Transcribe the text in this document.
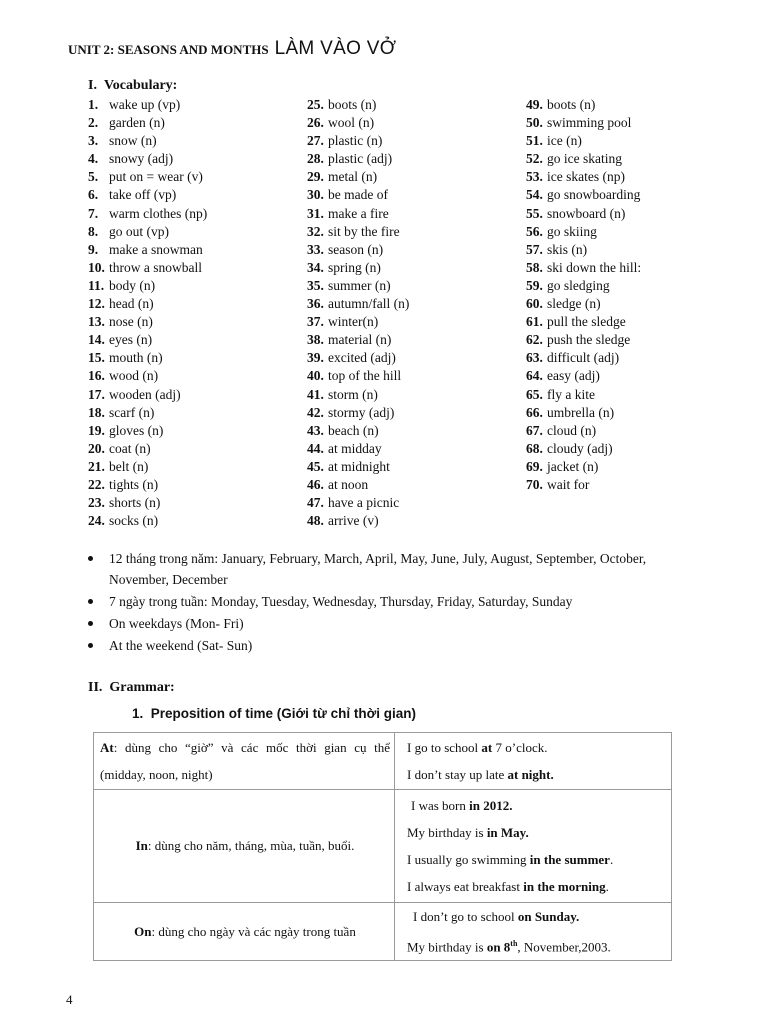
UNIT 2: SEASONS AND MONTHS LÀM VÀO VỞ
I. Vocabulary:
1. wake up (vp)
2. garden (n)
3. snow (n)
4. snowy (adj)
5. put on = wear (v)
6. take off (vp)
7. warm clothes (np)
8. go out (vp)
9. make a snowman
10. throw a snowball
11. body (n)
12. head (n)
13. nose (n)
14. eyes (n)
15. mouth (n)
16. wood (n)
17. wooden (adj)
18. scarf (n)
19. gloves (n)
20. coat (n)
21. belt (n)
22. tights (n)
23. shorts (n)
24. socks (n)
25. boots (n)
26. wool (n)
27. plastic (n)
28. plastic (adj)
29. metal (n)
30. be made of
31. make a fire
32. sit by the fire
33. season (n)
34. spring (n)
35. summer (n)
36. autumn/fall (n)
37. winter(n)
38. material (n)
39. excited (adj)
40. top of the hill
41. storm (n)
42. stormy (adj)
43. beach (n)
44. at midday
45. at midnight
46. at noon
47. have a picnic
48. arrive (v)
49. boots (n)
50. swimming pool
51. ice (n)
52. go ice skating
53. ice skates (np)
54. go snowboarding
55. snowboard (n)
56. go skiing
57. skis (n)
58. ski down the hill:
59. go sledging
60. sledge (n)
61. pull the sledge
62. push the sledge
63. difficult (adj)
64. easy (adj)
65. fly a kite
66. umbrella (n)
67. cloud (n)
68. cloudy (adj)
69. jacket (n)
70. wait for
12 tháng trong năm: January, February, March, April, May, June, July, August, September, October, November, December
7 ngày trong tuần: Monday, Tuesday, Wednesday, Thursday, Friday, Saturday, Sunday
On weekdays (Mon- Fri)
At the weekend (Sat- Sun)
II. Grammar:
1. Preposition of time (Giới từ chỉ thời gian)
At: dùng cho “giờ” và các mốc thời gian cụ thể (midday, noon, night)	I go to school at 7 o’clock.
I don’t stay up late at night.

In: dùng cho năm, tháng, mùa, tuần, buổi.	I was born in 2012.
My birthday is in May.
I usually go swimming in the summer.
I always eat breakfast in the morning.

On: dùng cho ngày và các ngày trong tuần	I don’t go to school on Sunday.
My birthday is on 8th, November,2003.
4
